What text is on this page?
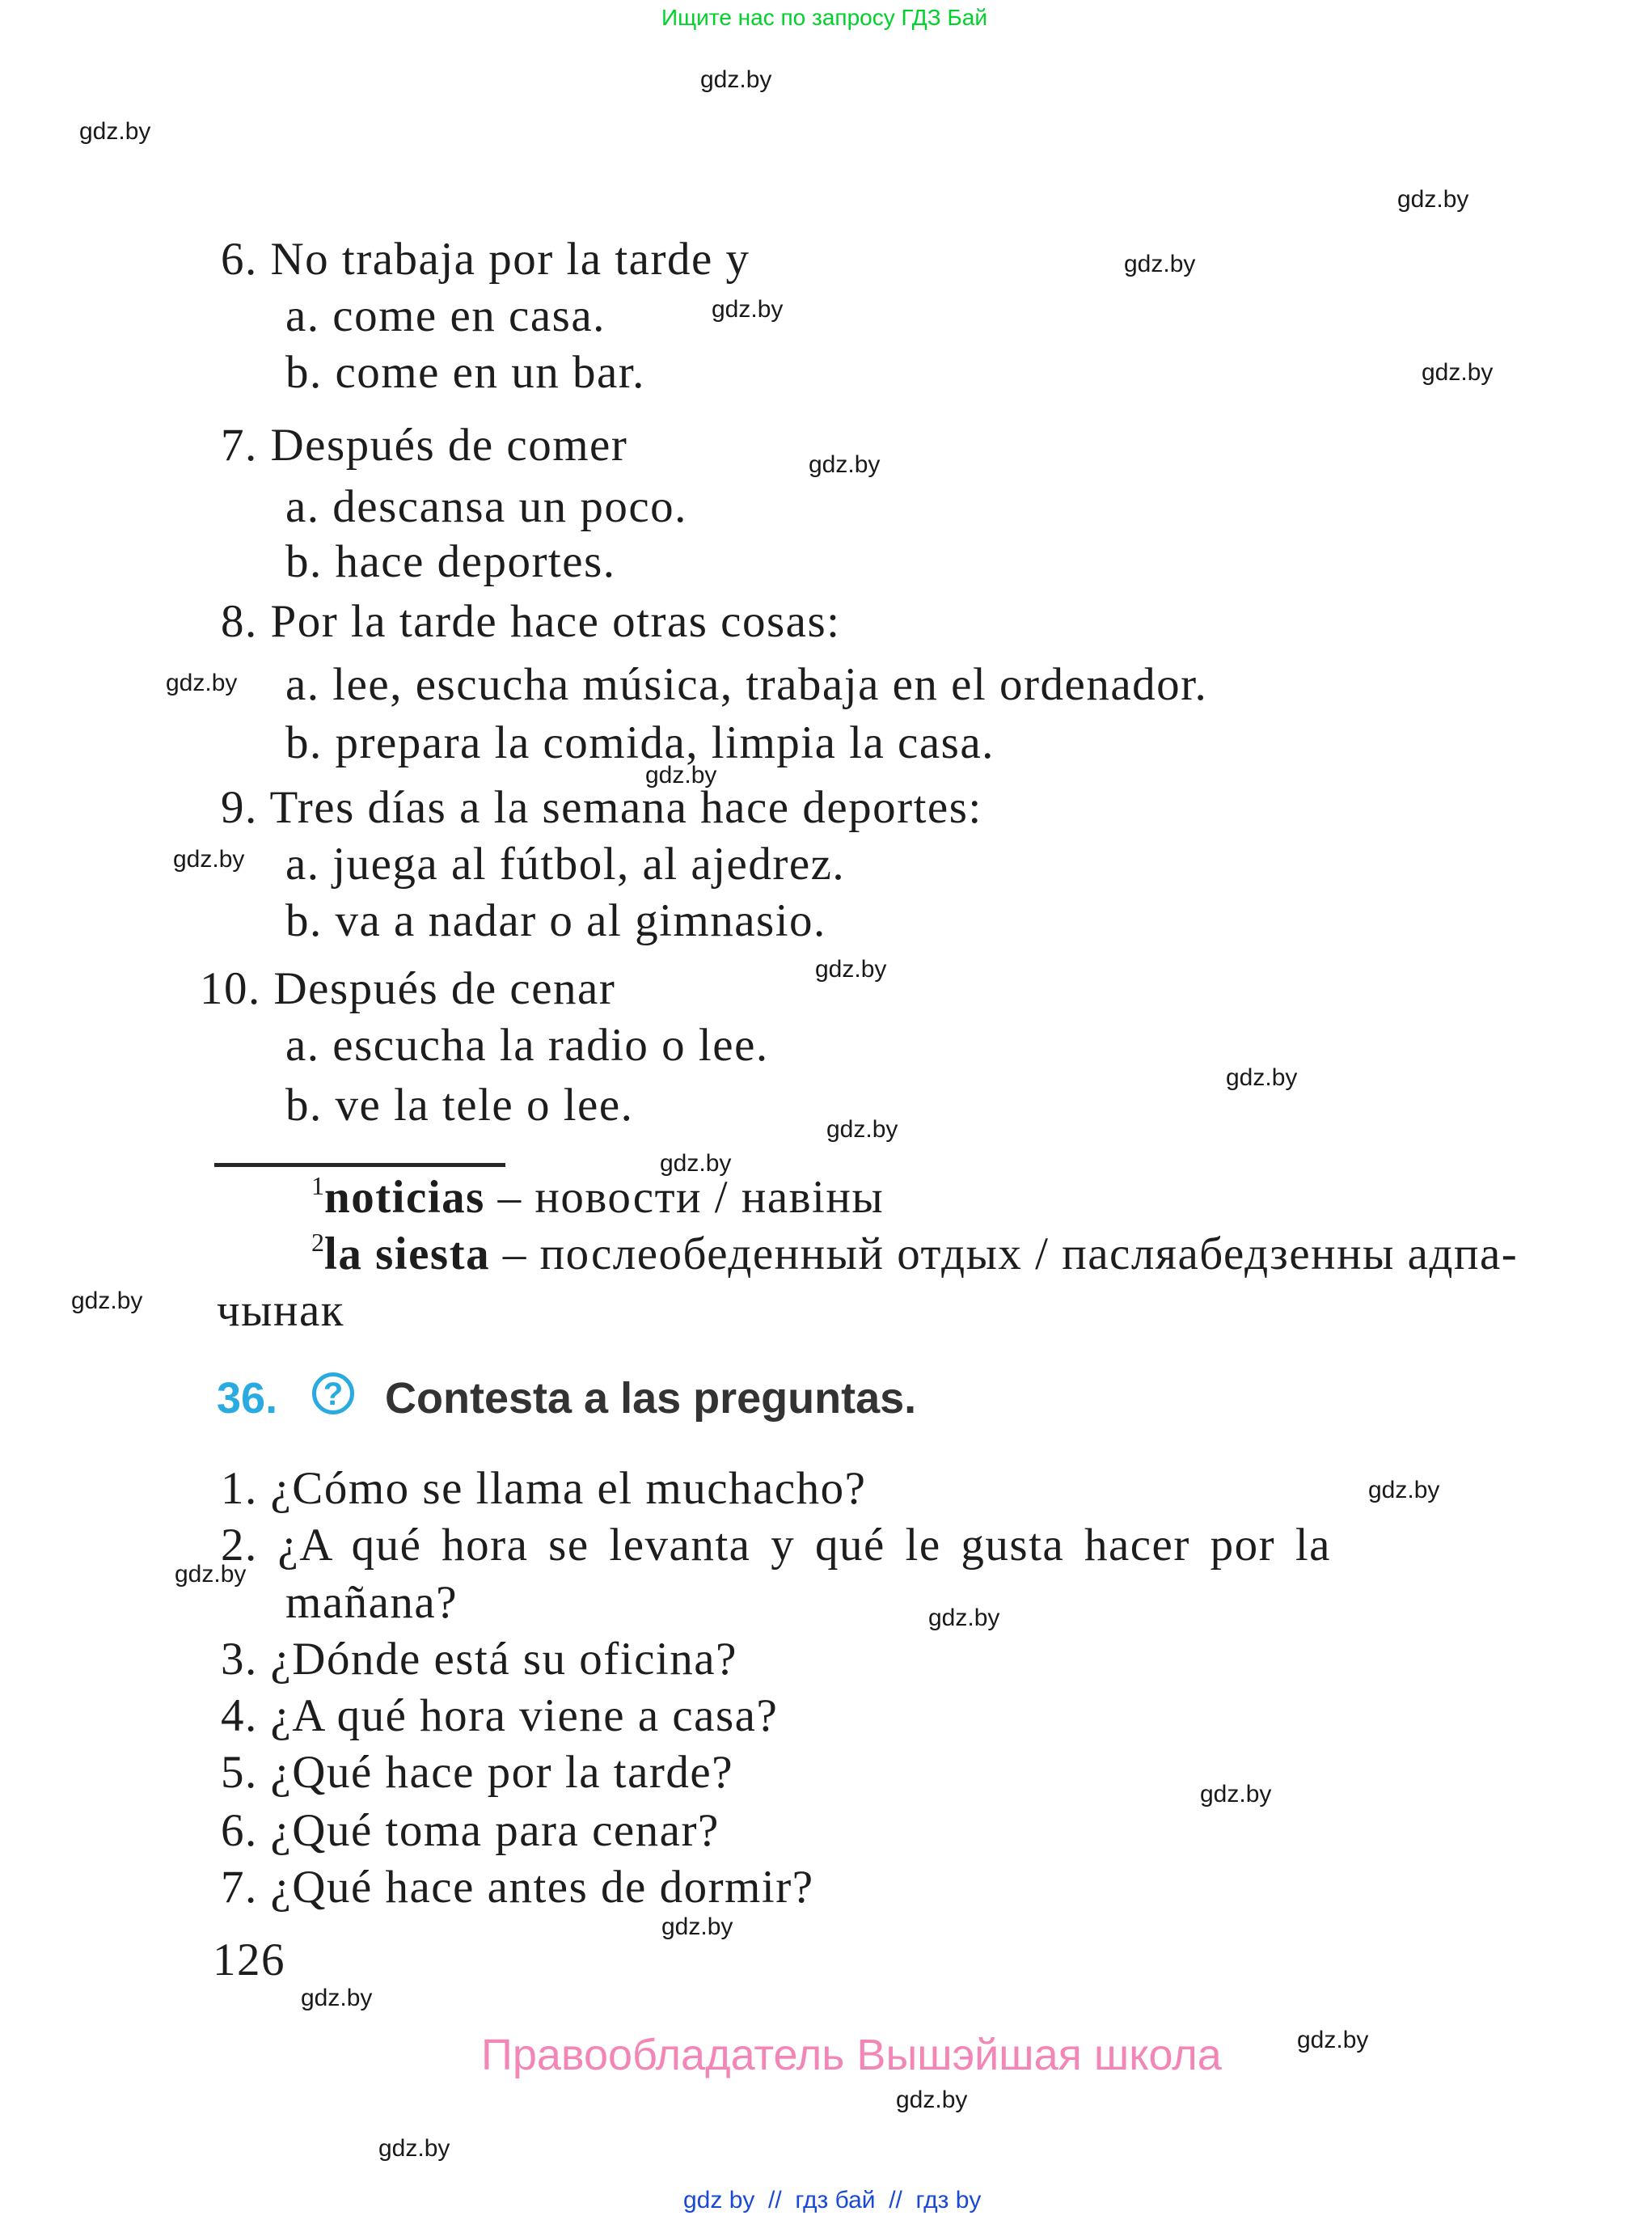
Ищите нас по запросу ГДЗ Бай
gdz.by
gdz.by
gdz.by
gdz.by
gdz.by
gdz.by
gdz.by
gdz.by
gdz.by
gdz.by
gdz.by
gdz.by
gdz.by
gdz.by
gdz.by
gdz.by
gdz.by
gdz.by
gdz.by
gdz.by
gdz.by
gdz.by
gdz.by
gdz.by
6. No trabaja por la tarde y
a. come en casa.
b. come en un bar.
7. Después de comer
a. descansa un poco.
b. hace deportes.
8. Por la tarde hace otras cosas:
a. lee, escucha música, trabaja en el ordenador.
b. prepara la comida, limpia la casa.
9. Tres días a la semana hace deportes:
a. juega al fútbol, al ajedrez.
b. va a nadar o al gimnasio.
10. Después de cenar
a. escucha la radio o lee.
b. ve la tele o lee.
$^1$noticias – новости / навіны
$^2$la siesta – послеобеденный отдых / пасляабедзенны адпа-
чынак
36.	? Contesta a las preguntas.
1. ¿Cómo se llama el muchacho?
2. ¿A qué hora se levanta y qué le gusta hacer por la
mañana?
3. ¿Dónde está su oficina?
4. ¿A qué hora viene a casa?
5. ¿Qué hace por la tarde?
6. ¿Qué toma para cenar?
7. ¿Qué hace antes de dormir?
126
Правообладатель Вышэйшая школа
gdz by  //  гдз бай  //  гдз by
